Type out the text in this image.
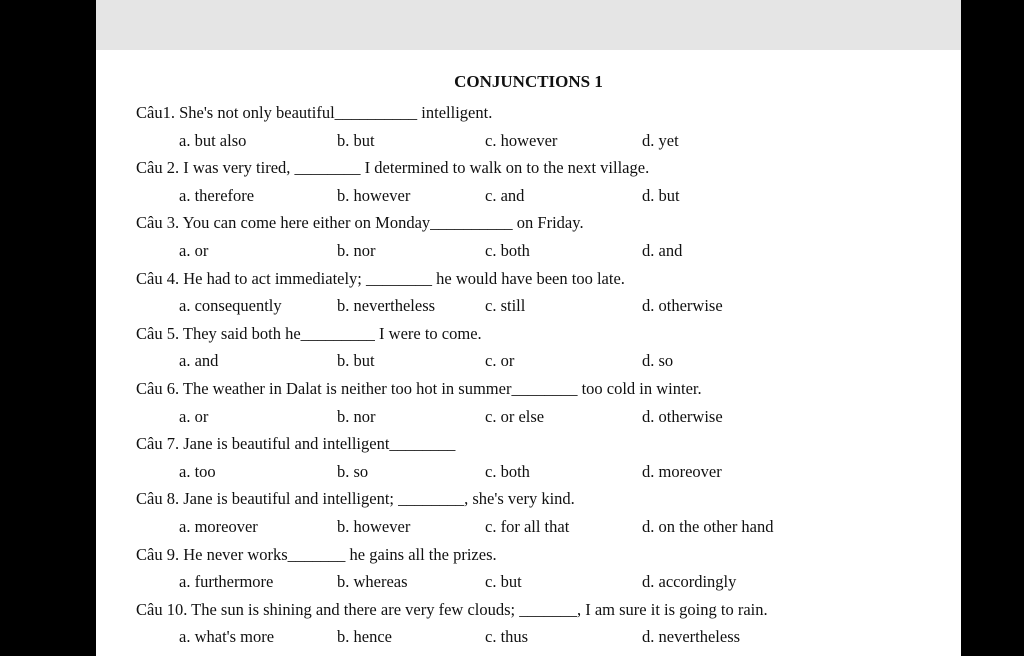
CONJUNCTIONS 1
Câu1. She's not only beautiful__________ intelligent.
a. but also	b. but	c. however	d. yet
Câu 2. I was very tired, ________ I determined to walk on to the next village.
a. therefore	b. however	c. and	d. but
Câu 3. You can come here either on Monday__________ on Friday.
a. or	b. nor	c. both	d. and
Câu 4. He had to act immediately; ________ he would have been too late.
a. consequently	b. nevertheless	c. still	d. otherwise
Câu 5. They said both he_________ I were to come.
a. and	b. but	c. or	d. so
Câu 6. The weather in Dalat is neither too hot in summer________ too cold in winter.
a. or	b. nor	c. or else	d. otherwise
Câu 7. Jane is beautiful and intelligent________
a. too	b. so	c. both	d. moreover
Câu 8. Jane is beautiful and intelligent; ________, she's very kind.
a. moreover	b. however	c. for all that	d. on the other hand
Câu 9. He never works_______ he gains all the prizes.
a. furthermore	b. whereas	c. but	d. accordingly
Câu 10. The sun is shining and there are very few clouds; _______, I am sure it is going to rain.
a. what's more	b. hence	c. thus	d. nevertheless
